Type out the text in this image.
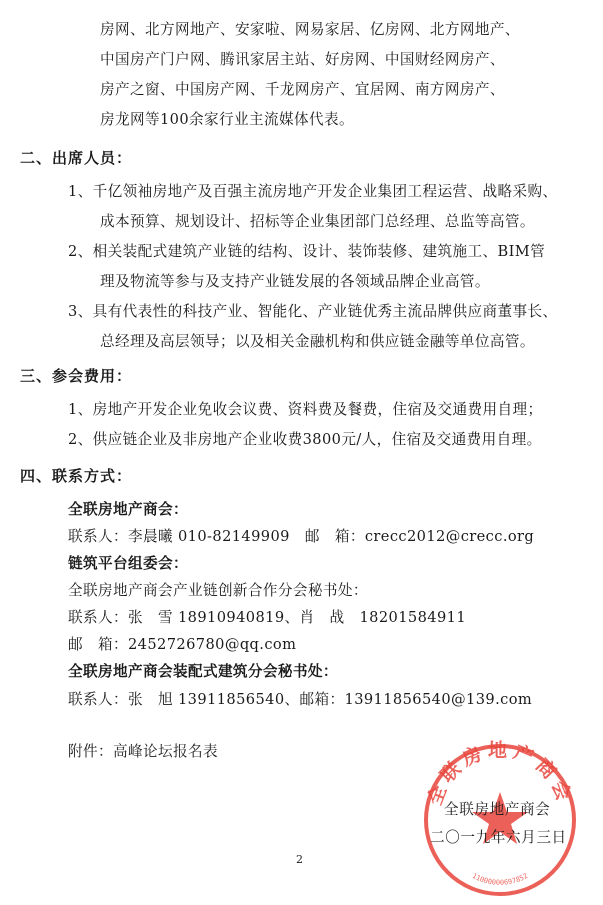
房网、北方网地产、安家啦、网易家居、亿房网、北方网地产、
中国房产门户网、腾讯家居主站、好房网、中国财经网房产、
房产之窗、中国房产网、千龙网房产、宜居网、南方网房产、
房龙网等100余家行业主流媒体代表。
二、出席人员：
1、千亿领袖房地产及百强主流房地产开发企业集团工程运营、战略采购、
成本预算、规划设计、招标等企业集团部门总经理、总监等高管。
2、相关装配式建筑产业链的结构、设计、装饰装修、建筑施工、BIM管
理及物流等参与及支持产业链发展的各领域品牌企业高管。
3、具有代表性的科技产业、智能化、产业链优秀主流品牌供应商董事长、
总经理及高层领导；以及相关金融机构和供应链金融等单位高管。
三、参会费用：
1、房地产开发企业免收会议费、资料费及餐费，住宿及交通费用自理；
2、供应链企业及非房地产企业收费3800元/人，住宿及交通费用自理。
四、联系方式：
全联房地产商会：
联系人：李晨曦 010-82149909　邮　箱：crecc2012@crecc.org
链筑平台组委会：
全联房地产商会产业链创新合作分会秘书处：
联系人：张　雪 18910940819、肖　战　18201584911
邮　箱：2452726780@qq.com
全联房地产商会装配式建筑分会秘书处：
联系人：张　旭 13911856540、邮箱：13911856540@139.com
附件：高峰论坛报名表
全联房地产商会
11000000697852
全联房地产商会
二〇一九年六月三日
2
